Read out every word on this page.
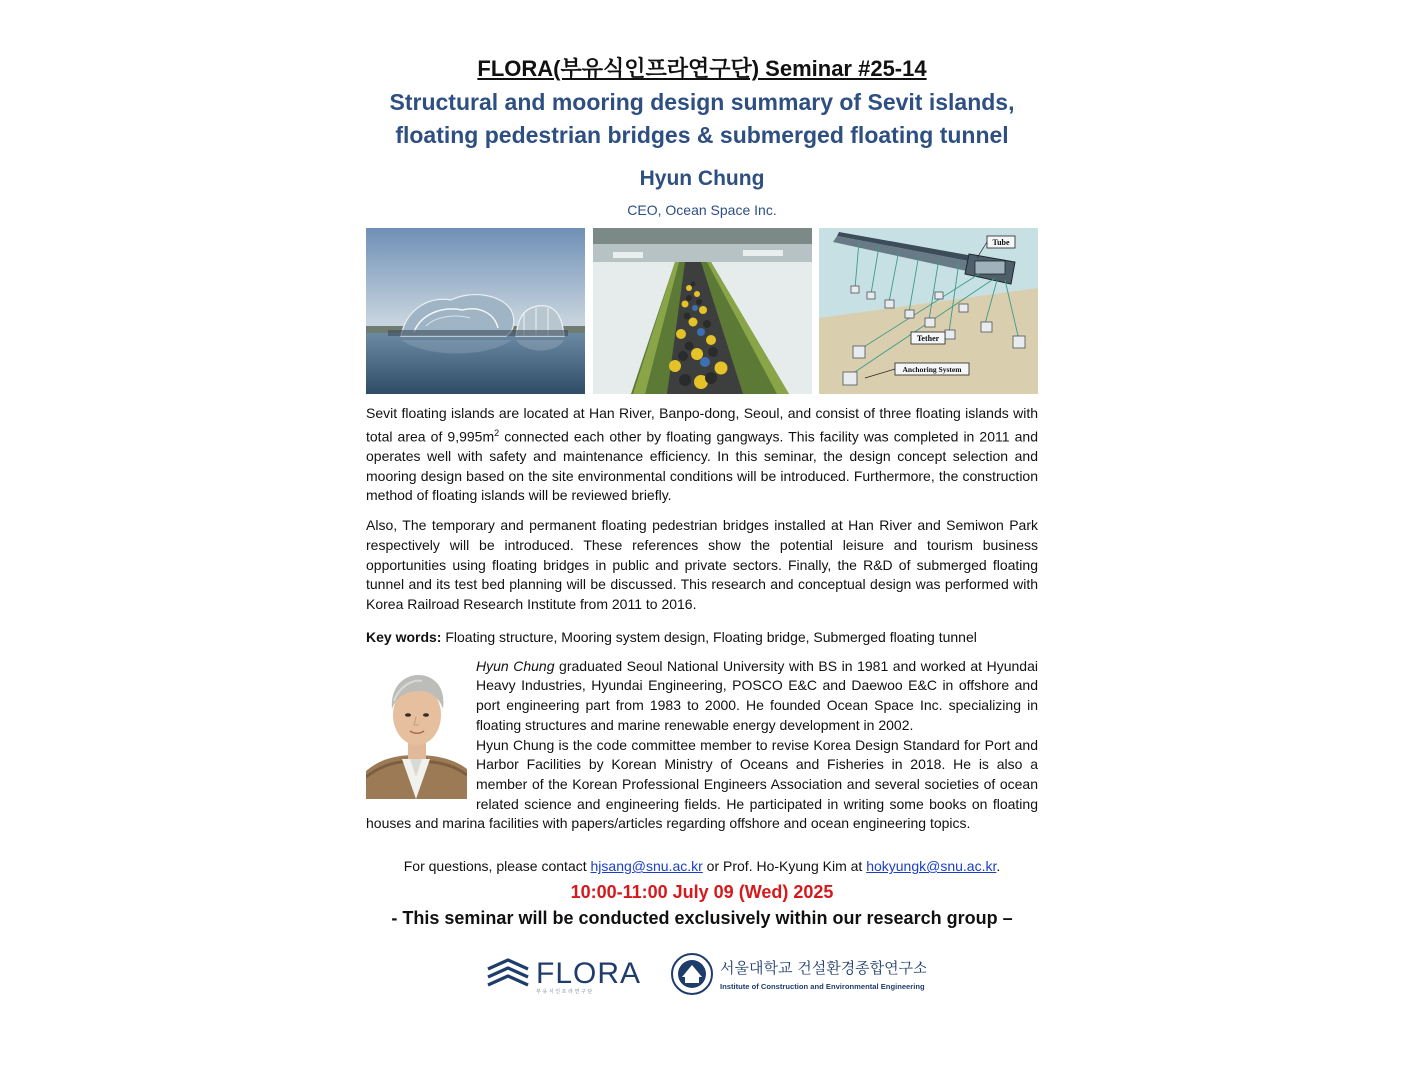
FLORA(부유식인프라연구단) Seminar #25-14

Structural and mooring design summary of Sevit islands,
floating pedestrian bridges & submerged floating tunnel

Hyun Chung

CEO, Ocean Space Inc.

Tube
Tether
Anchoring System

Sevit floating islands are located at Han River, Banpo-dong, Seoul, and consist of three floating islands with total area of $9,995m^2$ connected each other by floating gangways. This facility was completed in 2011 and operates well with safety and maintenance efficiency. In this seminar, the design concept selection and mooring design based on the site environmental conditions will be introduced. Furthermore, the construction method of floating islands will be reviewed briefly.

Also, The temporary and permanent floating pedestrian bridges installed at Han River and Semiwon Park respectively will be introduced. These references show the potential leisure and tourism business opportunities using floating bridges in public and private sectors. Finally, the R&D of submerged floating tunnel and its test bed planning will be discussed. This research and conceptual design was performed with Korea Railroad Research Institute from 2011 to 2016.

Key words: Floating structure, Mooring system design, Floating bridge, Submerged floating tunnel

Hyun Chung graduated Seoul National University with BS in 1981 and worked at Hyundai Heavy Industries, Hyundai Engineering, POSCO E&C and Daewoo E&C in offshore and port engineering part from 1983 to 2000. He founded Ocean Space Inc. specializing in floating structures and marine renewable energy development in 2002.

Hyun Chung is the code committee member to revise Korea Design Standard for Port and Harbor Facilities by Korean Ministry of Oceans and Fisheries in 2018. He is also a member of the Korean Professional Engineers Association and several societies of ocean related science and engineering fields. He participated in writing some books on floating houses and marina facilities with papers/articles regarding offshore and ocean engineering topics.

For questions, please contact hjsang@snu.ac.kr or Prof. Ho-Kyung Kim at hokyungk@snu.ac.kr.
10:00-11:00 July 09 (Wed) 2025
- This seminar will be conducted exclusively within our research group –
FLORA
부 유 식 인 프 라 연 구 단
서울대학교 건설환경종합연구소
Institute of Construction and Environmental Engineering
